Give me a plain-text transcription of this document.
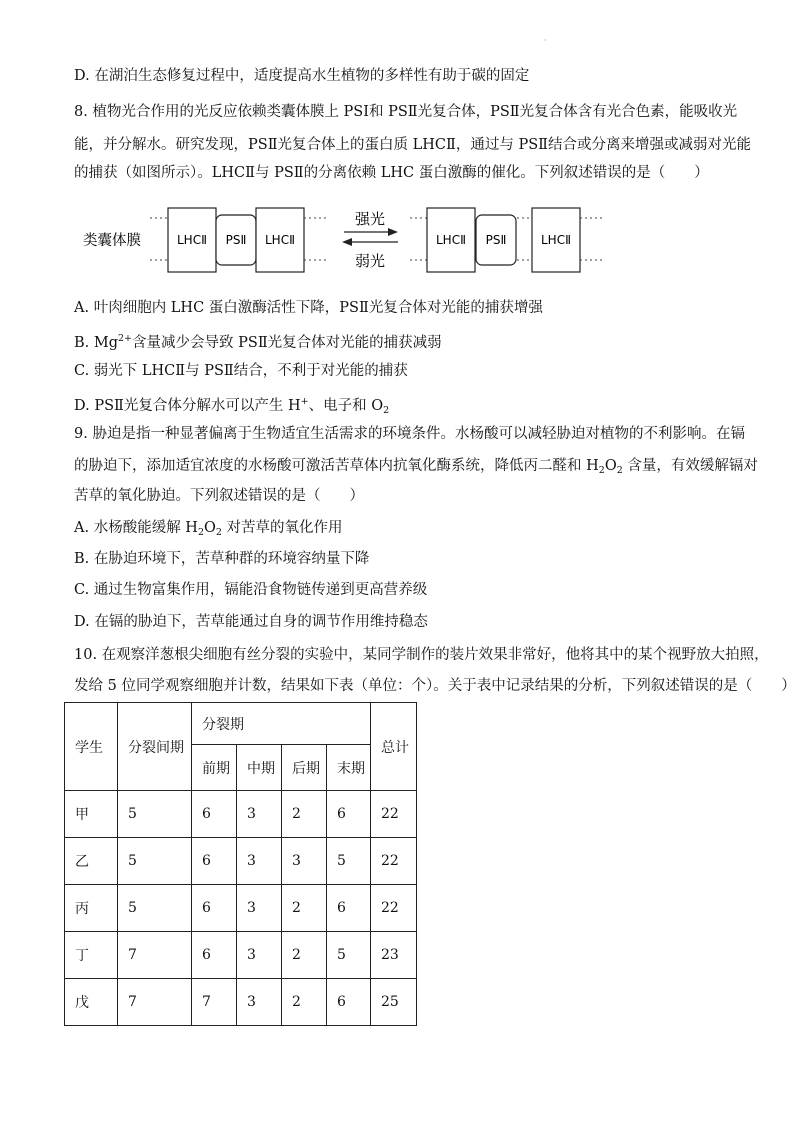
·
D. 在湖泊生态修复过程中，适度提高水生植物的多样性有助于碳的固定
8. 植物光合作用的光反应依赖类囊体膜上 PSⅠ和 PSⅡ光复合体，PSⅡ光复合体含有光合色素，能吸收光
能，并分解水。研究发现，PSⅡ光复合体上的蛋白质 LHCⅡ，通过与 PSⅡ结合或分离来增强或减弱对光能
的捕获（如图所示）。LHCⅡ与 PSⅡ的分离依赖 LHC 蛋白激酶的催化。下列叙述错误的是（　　）
类囊体膜	LHCⅡ PSⅡ LHCⅡ
强光
弱光
LHCⅡ PSⅡ	LHCⅡ
A. 叶肉细胞内 LHC 蛋白激酶活性下降，PSⅡ光复合体对光能的捕获增强
B. $Mg^{2+}$含量减少会导致 PSⅡ光复合体对光能的捕获减弱
C. 弱光下 LHCⅡ与 PSⅡ结合，不利于对光能的捕获
D. PSⅡ光复合体分解水可以产生 H+、电子和 $O_2$
9. 胁迫是指一种显著偏离于生物适宜生活需求的环境条件。水杨酸可以减轻胁迫对植物的不利影响。在镉
的胁迫下，添加适宜浓度的水杨酸可激活苦草体内抗氧化酶系统，降低丙二醛和 $H_2O_2$ 含量，有效缓解镉对
苦草的氧化胁迫。下列叙述错误的是（　　）
A. 水杨酸能缓解 $H_2O_2$ 对苦草的氧化作用
B. 在胁迫环境下，苦草种群的环境容纳量下降
C. 通过生物富集作用，镉能沿食物链传递到更高营养级
D. 在镉的胁迫下，苦草能通过自身的调节作用维持稳态
10. 在观察洋葱根尖细胞有丝分裂的实验中，某同学制作的装片效果非常好，他将其中的某个视野放大拍照，
发给 5 位同学观察细胞并计数，结果如下表（单位：个）。关于表中记录结果的分析，下列叙述错误的是（　　）
学生	分裂间期	分裂期				总计
		前期	中期	后期	末期	
甲	5	6	3	2	6	22
乙	5	6	3	3	5	22
丙	5	6	3	2	6	22
丁	7	6	3	2	5	23
戊	7	7	3	2	6	25
